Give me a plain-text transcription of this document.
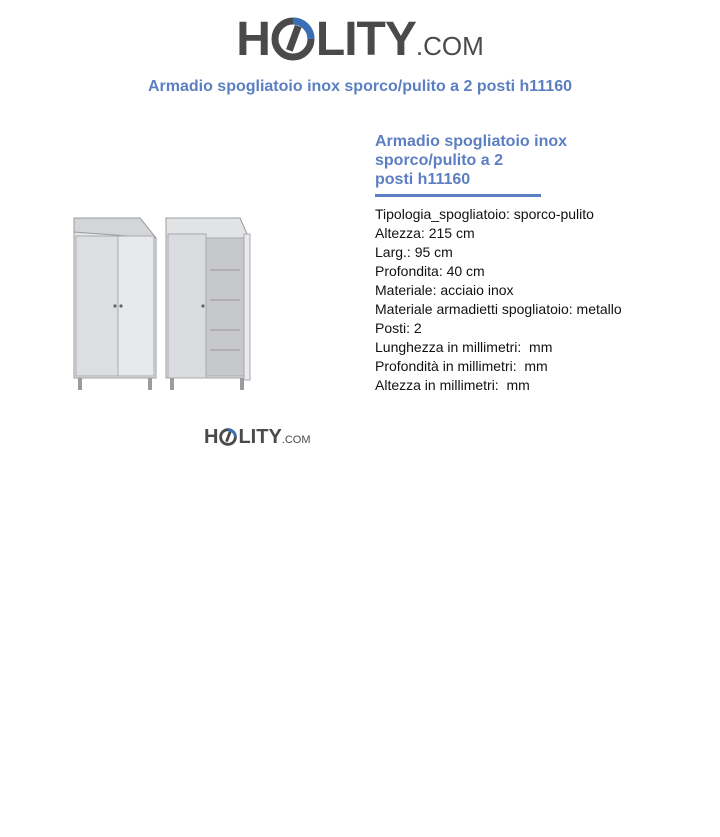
H LITY .COM
Armadio spogliatoio inox sporco/pulito a 2 posti h11160
H LITY .COM
Armadio spogliatoio inox
sporco/pulito a 2
posti h11160
Tipologia_spogliatoio: sporco-pulito
Altezza: 215 cm
Larg.: 95 cm
Profondita: 40 cm
Materiale: acciaio inox
Materiale armadietti spogliatoio: metallo
Posti: 2
Lunghezza in millimetri:  mm
Profondità in millimetri:  mm
Altezza in millimetri:  mm
